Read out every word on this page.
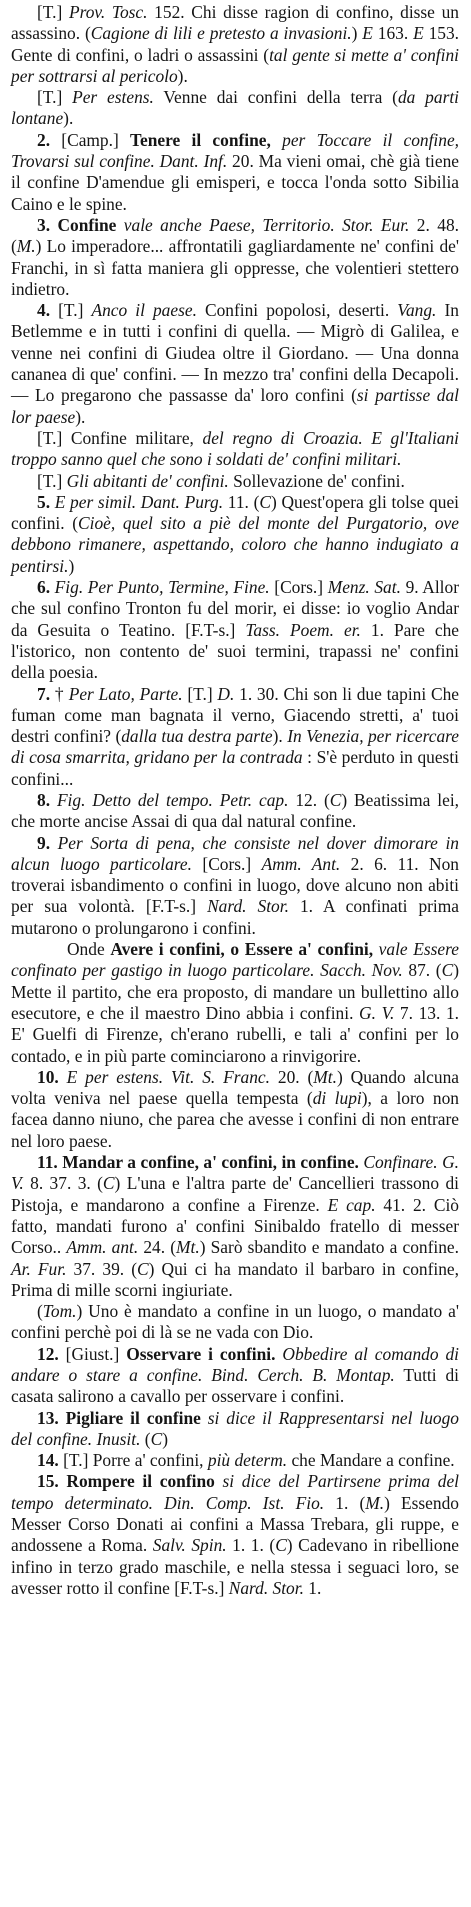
[T.] Prov. Tosc. 152. Chi disse ragion di confino, disse un assassino. (Cagione di lili e pretesto a invasioni.) E 163. E 153. Gente di confini, o ladri o assassini (tal gente si mette a' confini per sottrarsi al pericolo).

[T.] Per estens. Venne dai confini della terra (da parti lontane).

2. [Camp.] Tenere il confine, per Toccare il confine, Trovarsi sul confine. Dant. Inf. 20. Ma vieni omai, chè già tiene il confine D'amendue gli emisperi, e tocca l'onda sotto Sibilia Caino e le spine.

3. Confine vale anche Paese, Territorio. Stor. Eur. 2. 48. (M.) Lo imperadore... affrontatili gagliardamente ne' confini de' Franchi, in sì fatta maniera gli oppresse, che volentieri stettero indietro.

4. [T.] Anco il paese. Confini popolosi, deserti. Vang. In Betlemme e in tutti i confini di quella. — Migrò di Galilea, e venne nei confini di Giudea oltre il Giordano. — Una donna cananea di que' confini. — In mezzo tra' confini della Decapoli. — Lo pregarono che passasse da' loro confini (si partisse dal lor paese).

[T.] Confine militare, del regno di Croazia. E gl'Italiani troppo sanno quel che sono i soldati de' confini militari.

[T.] Gli abitanti de' confini. Sollevazione de' confini.

5. E per simil. Dant. Purg. 11. (C) Quest'opera gli tolse quei confini. (Cioè, quel sito a piè del monte del Purgatorio, ove debbono rimanere, aspettando, coloro che hanno indugiato a pentirsi.)

6. Fig. Per Punto, Termine, Fine. [Cors.] Menz. Sat. 9. Allor che sul confino Tronton fu del morir, ei disse: io voglio Andar da Gesuita o Teatino. [F.T-s.] Tass. Poem. er. 1. Pare che l'istorico, non contento de' suoi termini, trapassi ne' confini della poesia.

7. † Per Lato, Parte. [T.] D. 1. 30. Chi son li due tapini Che fuman come man bagnata il verno, Giacendo stretti, a' tuoi destri confini? (dalla tua destra parte). In Venezia, per ricercare di cosa smarrita, gridano per la contrada : S'è perduto in questi confini...

8. Fig. Detto del tempo. Petr. cap. 12. (C) Beatissima lei, che morte ancise Assai di qua dal natural confine.

9. Per Sorta di pena, che consiste nel dover dimorare in alcun luogo particolare. [Cors.] Amm. Ant. 2. 6. 11. Non troverai isbandimento o confini in luogo, dove alcuno non abiti per sua volontà. [F.T-s.] Nard. Stor. 1. A confinati prima mutarono o prolungarono i confini.

Onde Avere i confini, o Essere a' confini, vale Essere confinato per gastigo in luogo particolare. Sacch. Nov. 87. (C) Mette il partito, che era proposto, di mandare un bullettino allo esecutore, e che il maestro Dino abbia i confini. G. V. 7. 13. 1. E' Guelfi di Firenze, ch'erano rubelli, e tali a' confini per lo contado, e in più parte cominciarono a rinvigorire.

10. E per estens. Vit. S. Franc. 20. (Mt.) Quando alcuna volta veniva nel paese quella tempesta (di lupi), a loro non facea danno niuno, che parea che avesse i confini di non entrare nel loro paese.

11. Mandar a confine, a' confini, in confine. Confinare. G. V. 8. 37. 3. (C) L'una e l'altra parte de' Cancellieri trassono di Pistoja, e mandarono a confine a Firenze. E cap. 41. 2. Ciò fatto, mandati furono a' confini Sinibaldo fratello di messer Corso.. Amm. ant. 24. (Mt.) Sarò sbandito e mandato a confine. Ar. Fur. 37. 39. (C) Qui ci ha mandato il barbaro in confine, Prima di mille scorni ingiuriate.

(Tom.) Uno è mandato a confine in un luogo, o mandato a' confini perchè poi di là se ne vada con Dio.

12. [Giust.] Osservare i confini. Obbedire al comando di andare o stare a confine. Bind. Cerch. B. Montap. Tutti di casata salirono a cavallo per osservare i confini.

13. Pigliare il confine si dice il Rappresentarsi nel luogo del confine. Inusit. (C)

14. [T.] Porre a' confini, più determ. che Mandare a confine.

15. Rompere il confino si dice del Partirsene prima del tempo determinato. Din. Comp. Ist. Fio. 1. (M.) Essendo Messer Corso Donati ai confini a Massa Trebara, gli ruppe, e andossene a Roma. Salv. Spin. 1. 1. (C) Cadevano in ribellione infino in terzo grado maschile, e nella stessa i seguaci loro, se avesser rotto il confine [F.T-s.] Nard. Stor. 1.
